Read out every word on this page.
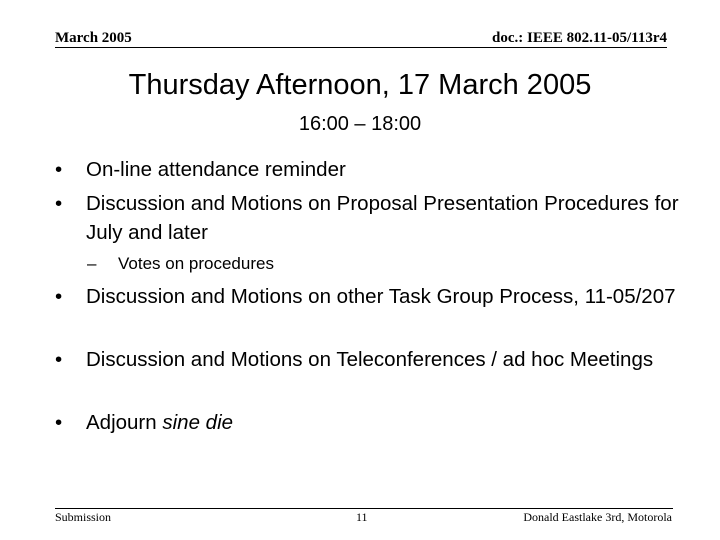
March 2005	doc.: IEEE 802.11-05/113r4
Thursday Afternoon, 17 March 2005
16:00 – 18:00
• On-line attendance reminder
• Discussion and Motions on Proposal Presentation Procedures for July and later
– Votes on procedures
• Discussion and Motions on other Task Group Process, 11-05/207
• Discussion and Motions on Teleconferences / ad hoc Meetings
• Adjourn sine die
Submission	11	Donald Eastlake 3rd, Motorola
